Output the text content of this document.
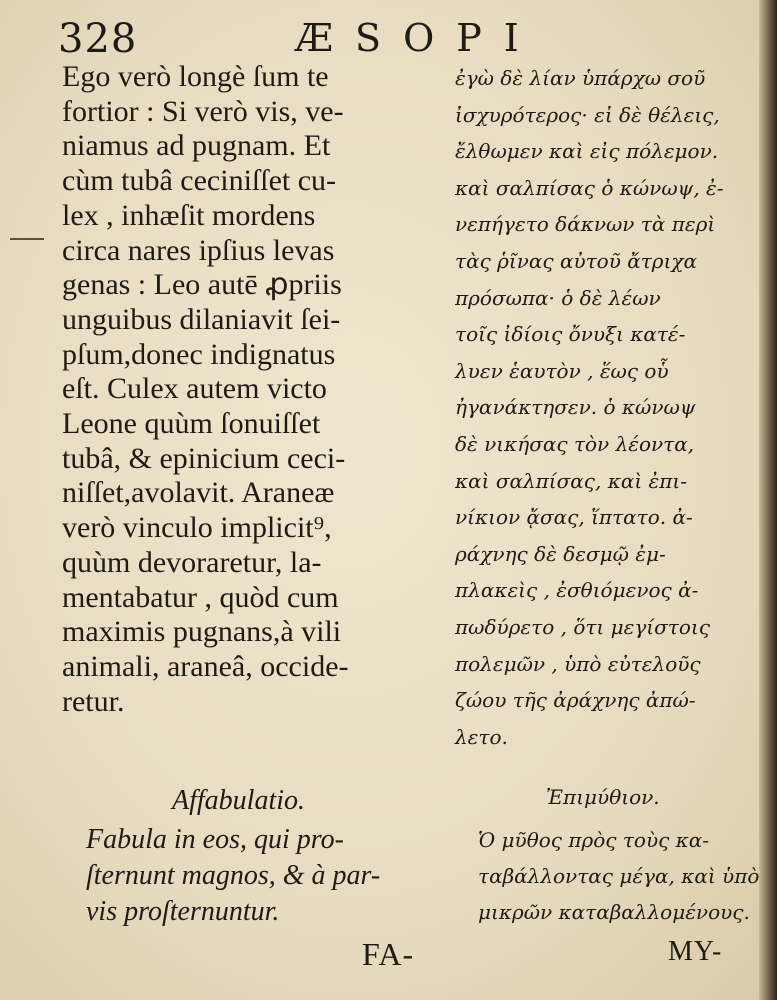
328	ÆSOPI
Ego verò longè ſum te
fortior : Si verò vis, ve-
niamus ad pugnam. Et
cùm tubâ ceciniſſet cu-
lex , inhæſit mordens
circa nares ipſius levas
genas : Leo autē ꝓpriis
unguibus dilaniavit ſei-
pſum,donec indignatus
eſt. Culex autem victo
Leone quùm ſonuiſſet
tubâ, & epinicium ceci-
niſſet,avolavit. Araneæ
verò vinculo implicit⁹,
quùm devoraretur, la-
mentabatur , quòd cum
maximis pugnans,à vili
animali, araneâ, occide-
retur.
Affabulatio.
Fabula in eos, qui pro-
ſternunt magnos, & à par-
vis proſternuntur.
FA-
ἐγὼ δὲ λίαν ὑπάρχω σοῦ
ἰσχυρότερος· εἰ δὲ θέλεις,
ἔλθωμεν καὶ εἰς πόλεμον.
καὶ σαλπίσας ὁ κώνωψ, ἐ-
νεπήγετο δάκνων τὰ περὶ
τὰς ῥῖνας αὐτοῦ ἄτριχα
πρόσωπα· ὁ δὲ λέων
τοῖς ἰδίοις ὄνυξι κατέ-
λυεν ἑαυτὸν , ἕως οὗ
ἠγανάκτησεν. ὁ κώνωψ
δὲ νικήσας τὸν λέοντα,
καὶ σαλπίσας, καὶ ἐπι-
νίκιον ᾄσας, ἵπτατο. ἀ-
ράχνης δὲ δεσμῷ ἐμ-
πλακεὶς , ἐσθιόμενος ἀ-
πωδύρετο , ὅτι μεγίστοις
πολεμῶν , ὑπὸ εὐτελοῦς
ζώου τῆς ἀράχνης ἀπώ-
λετο.
Ἐπιμύθιον.
Ὁ μῦθος πρὸς τοὺς κα-
ταβάλλοντας μέγα, καὶ ὑπὸ
μικρῶν καταβαλλομένους.
MY-
